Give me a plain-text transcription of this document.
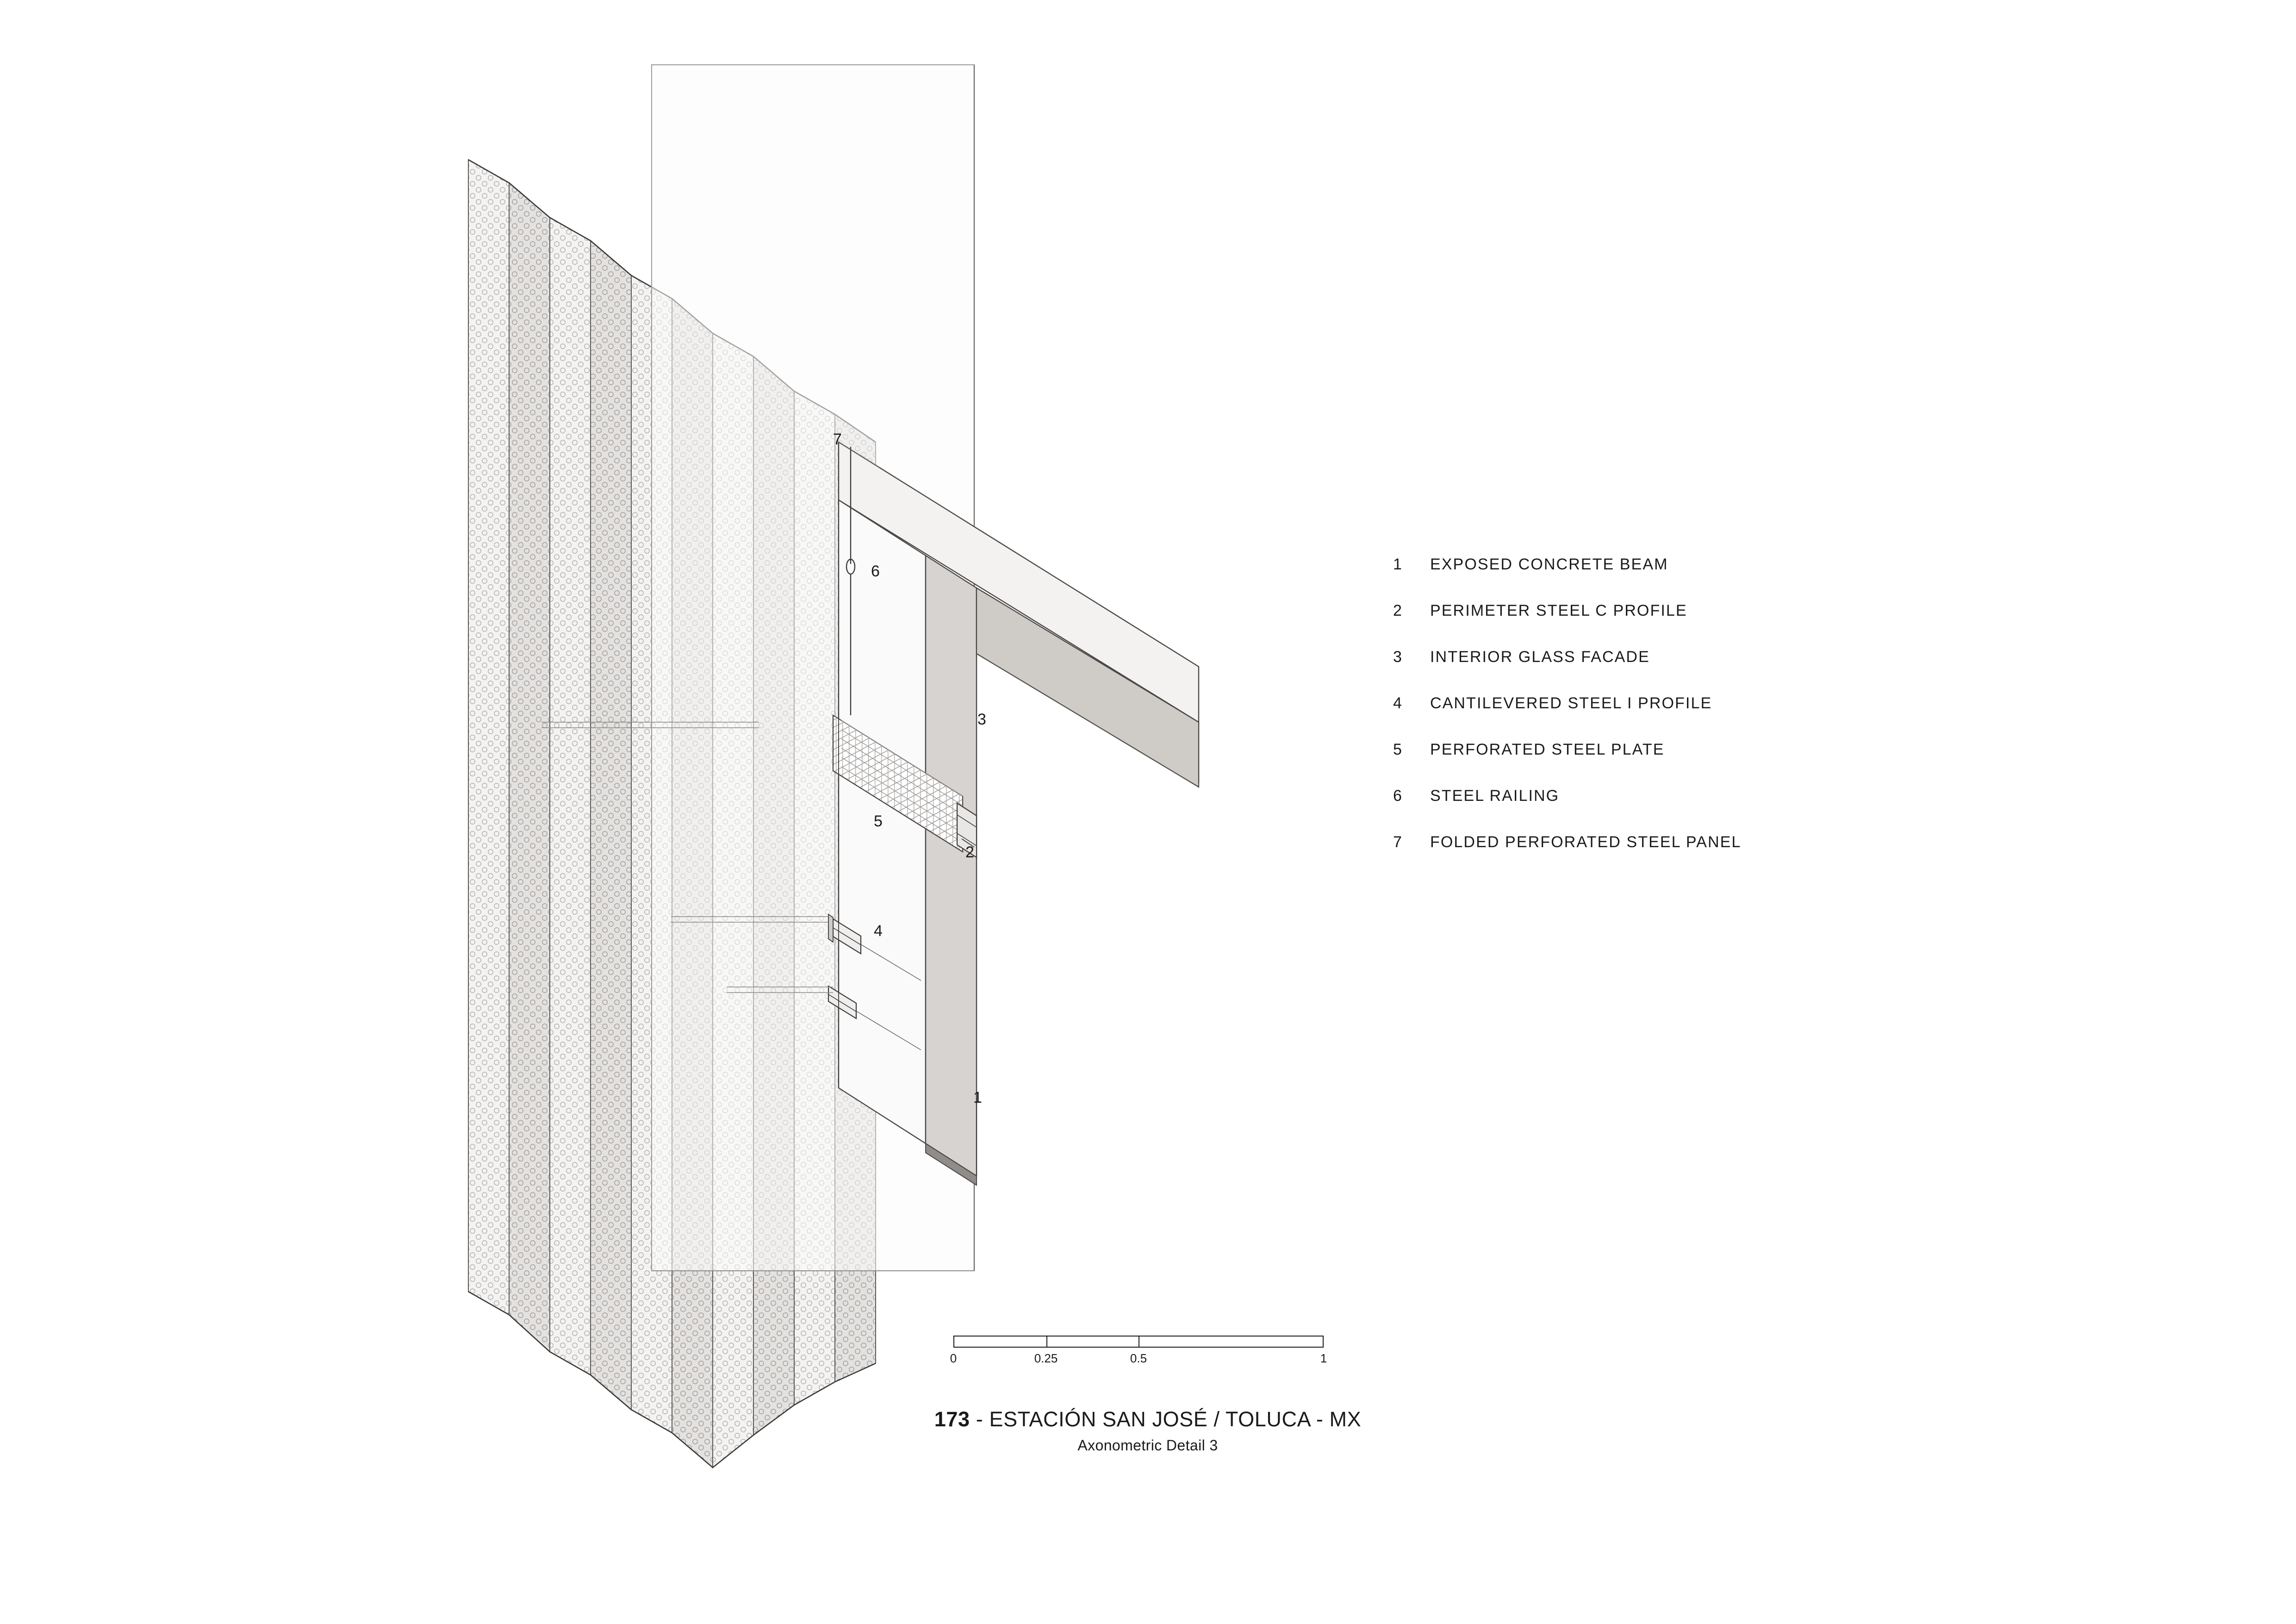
7
6
3
5
2
4
1
1	EXPOSED CONCRETE BEAM
2	PERIMETER STEEL C PROFILE
3	INTERIOR GLASS FACADE
4	CANTILEVERED STEEL I PROFILE
5	PERFORATED STEEL PLATE
6	STEEL RAILING
7	FOLDED PERFORATED STEEL PANEL
0	0.25	0.5	1
173 - ESTACIÓN SAN JOSÉ / TOLUCA - MX
Axonometric Detail 3
